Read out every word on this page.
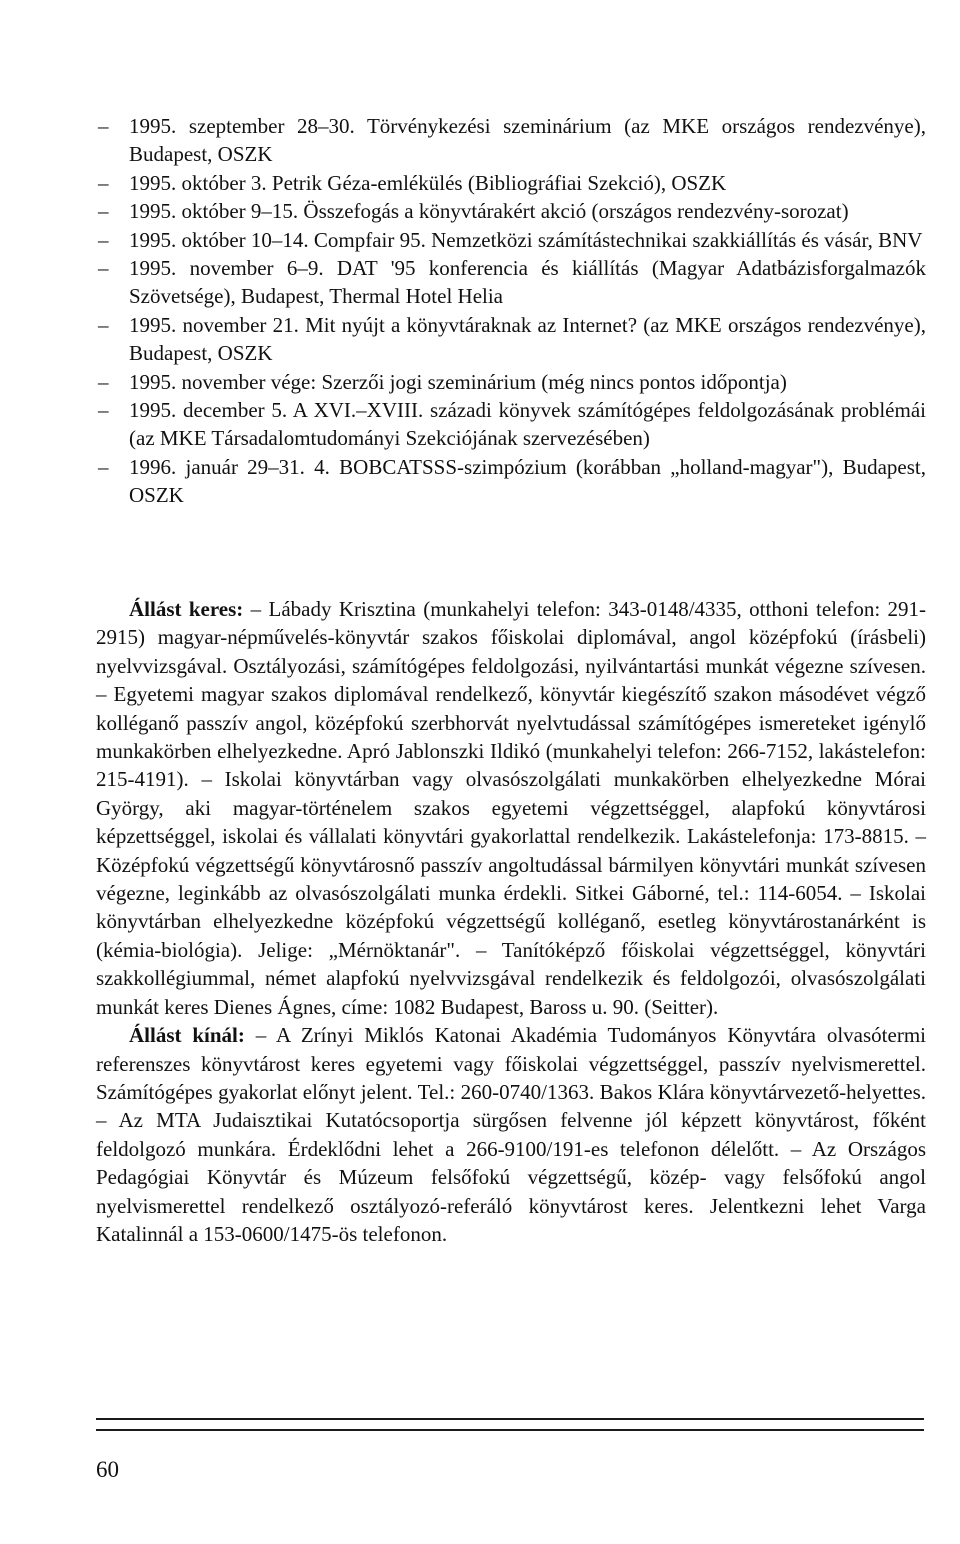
– 1995. szeptember 28–30. Törvénykezési szeminárium (az MKE országos rendezvénye), Budapest, OSZK
– 1995. október 3. Petrik Géza-emlékülés (Bibliográfiai Szekció), OSZK
– 1995. október 9–15. Összefogás a könyvtárakért akció (országos rendezvény-sorozat)
– 1995. október 10–14. Compfair 95. Nemzetközi számítástechnikai szakkiállítás és vásár, BNV
– 1995. november 6–9. DAT '95 konferencia és kiállítás (Magyar Adatbázisforgalmazók Szövetsége), Budapest, Thermal Hotel Helia
– 1995. november 21. Mit nyújt a könyvtáraknak az Internet? (az MKE országos rendezvénye), Budapest, OSZK
– 1995. november vége: Szerzői jogi szeminárium (még nincs pontos időpontja)
– 1995. december 5. A XVI.–XVIII. századi könyvek számítógépes feldolgozásának problémái (az MKE Társadalomtudományi Szekciójának szervezésében)
– 1996. január 29–31. 4. BOBCATSSS-szimpózium (korábban „holland-magyar"), Budapest, OSZK

Állást keres: – Lábady Krisztina (munkahelyi telefon: 343-0148/4335, otthoni telefon: 291-2915) magyar-népművelés-könyvtár szakos főiskolai diplomával, angol középfokú (írásbeli) nyelvvizsgával. Osztályozási, számítógépes feldolgozási, nyilvántartási munkát végezne szívesen. – Egyetemi magyar szakos diplomával rendelkező, könyvtár kiegészítő szakon másodévet végző kolléganő passzív angol, középfokú szerbhorvát nyelvtudással számítógépes ismereteket igénylő munkakörben elhelyezkedne. Apró Jablonszki Ildikó (munkahelyi telefon: 266-7152, lakástelefon: 215-4191). – Iskolai könyvtárban vagy olvasószolgálati munkakörben elhelyezkedne Mórai György, aki magyar-történelem szakos egyetemi végzettséggel, alapfokú könyvtárosi képzettséggel, iskolai és vállalati könyvtári gyakorlattal rendelkezik. Lakástelefonja: 173-8815. – Középfokú végzettségű könyvtárosnő passzív angoltudással bármilyen könyvtári munkát szívesen végezne, leginkább az olvasószolgálati munka érdekli. Sitkei Gáborné, tel.: 114-6054. – Iskolai könyvtárban elhelyezkedne középfokú végzettségű kolléganő, esetleg könyvtárostanárként is (kémia-biológia). Jelige: „Mérnöktanár". – Tanítóképző főiskolai végzettséggel, könyvtári szakkollégiummal, német alapfokú nyelvvizsgával rendelkezik és feldolgozói, olvasószolgálati munkát keres Dienes Ágnes, címe: 1082 Budapest, Baross u. 90. (Seitter).

Állást kínál: – A Zrínyi Miklós Katonai Akadémia Tudományos Könyvtára olvasótermi referenszes könyvtárost keres egyetemi vagy főiskolai végzettséggel, passzív nyelvismerettel. Számítógépes gyakorlat előnyt jelent. Tel.: 260-0740/1363. Bakos Klára könyvtárvezető-helyettes. – Az MTA Judaisztikai Kutatócsoportja sürgősen felvenne jól képzett könyvtárost, főként feldolgozó munkára. Érdeklődni lehet a 266-9100/191-es telefonon délelőtt. – Az Országos Pedagógiai Könyvtár és Múzeum felsőfokú végzettségű, közép- vagy felsőfokú angol nyelvismerettel rendelkező osztályozó-referáló könyvtárost keres. Jelentkezni lehet Varga Katalinnál a 153-0600/1475-ös telefonon.

60
